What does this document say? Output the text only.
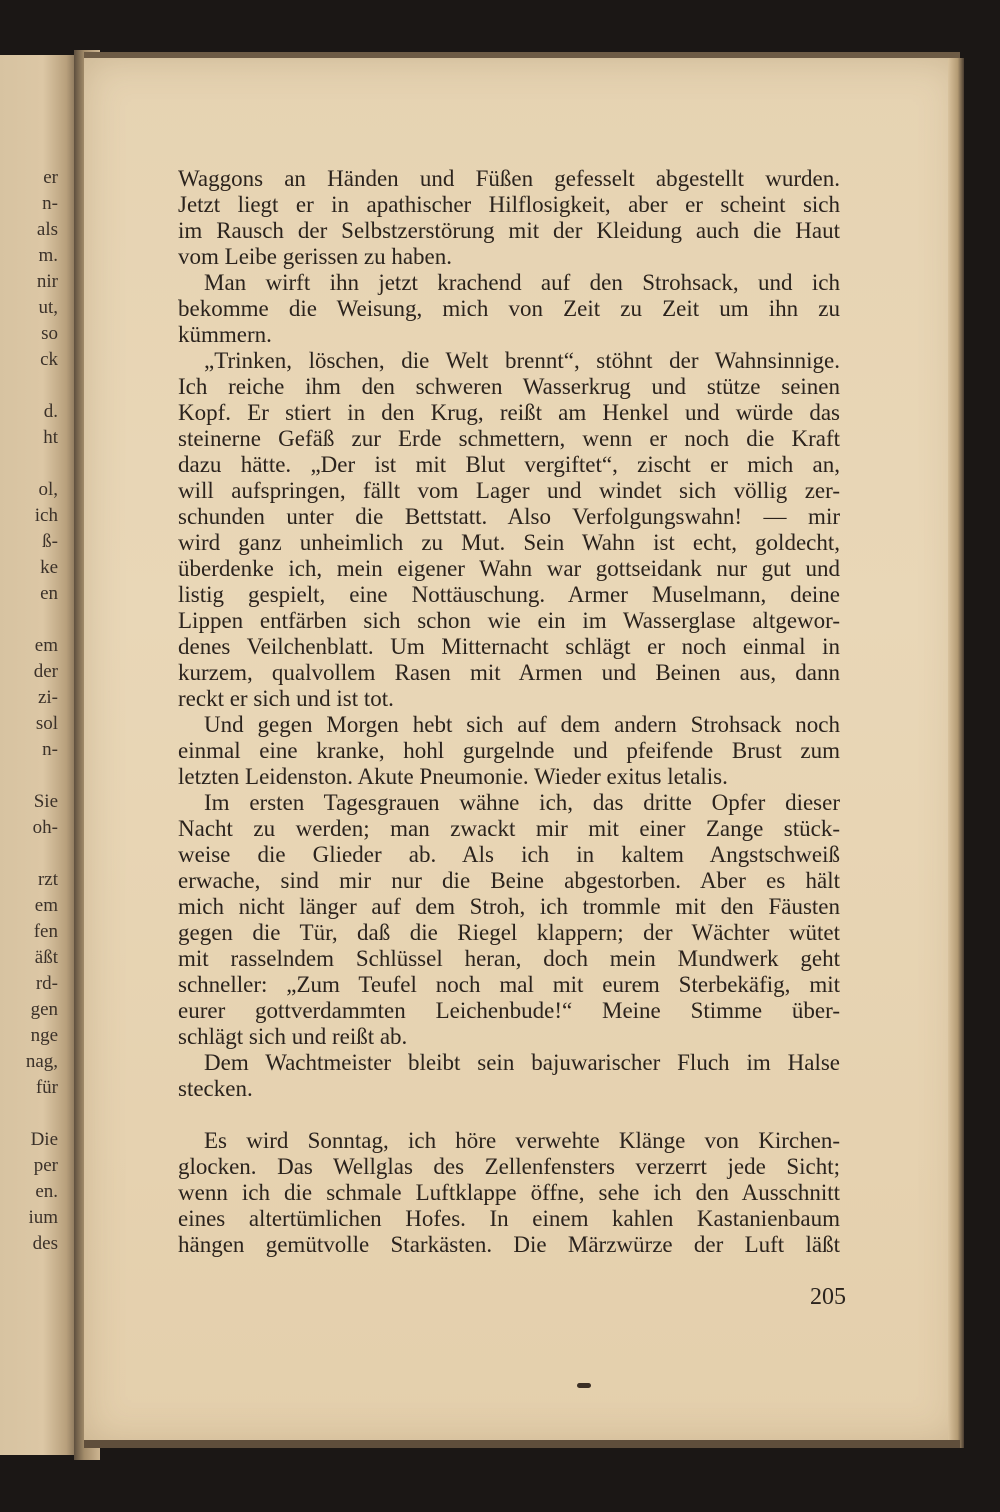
er
n-
als
m.
nir
ut,
so
ck
d.
ht
ol,
ich
ß-
ke
en
em
der
zi-
sol
n-
Sie
oh-
rzt
em
fen
äßt
rd-
gen
nge
nag,
für
Die
per
en.
ium
des
Waggons an Händen und Füßen gefesselt abgestellt wurden.
Jetzt liegt er in apathischer Hilflosigkeit, aber er scheint sich
im Rausch der Selbstzerstörung mit der Kleidung auch die Haut
vom Leibe gerissen zu haben.
Man wirft ihn jetzt krachend auf den Strohsack, und ich
bekomme die Weisung, mich von Zeit zu Zeit um ihn zu
kümmern.
„Trinken, löschen, die Welt brennt“, stöhnt der Wahnsinnige.
Ich reiche ihm den schweren Wasserkrug und stütze seinen
Kopf. Er stiert in den Krug, reißt am Henkel und würde das
steinerne Gefäß zur Erde schmettern, wenn er noch die Kraft
dazu hätte. „Der ist mit Blut vergiftet“, zischt er mich an,
will aufspringen, fällt vom Lager und windet sich völlig zer-
schunden unter die Bettstatt. Also Verfolgungswahn! — mir
wird ganz unheimlich zu Mut. Sein Wahn ist echt, goldecht,
überdenke ich, mein eigener Wahn war gottseidank nur gut und
listig gespielt, eine Nottäuschung. Armer Muselmann, deine
Lippen entfärben sich schon wie ein im Wasserglase altgewor-
denes Veilchenblatt. Um Mitternacht schlägt er noch einmal in
kurzem, qualvollem Rasen mit Armen und Beinen aus, dann
reckt er sich und ist tot.
Und gegen Morgen hebt sich auf dem andern Strohsack noch
einmal eine kranke, hohl gurgelnde und pfeifende Brust zum
letzten Leidenston. Akute Pneumonie. Wieder exitus letalis.
Im ersten Tagesgrauen wähne ich, das dritte Opfer dieser
Nacht zu werden; man zwackt mir mit einer Zange stück-
weise die Glieder ab. Als ich in kaltem Angstschweiß
erwache, sind mir nur die Beine abgestorben. Aber es hält
mich nicht länger auf dem Stroh, ich trommle mit den Fäusten
gegen die Tür, daß die Riegel klappern; der Wächter wütet
mit rasselndem Schlüssel heran, doch mein Mundwerk geht
schneller: „Zum Teufel noch mal mit eurem Sterbekäfig, mit
eurer gottverdammten Leichenbude!“ Meine Stimme über-
schlägt sich und reißt ab.
Dem Wachtmeister bleibt sein bajuwarischer Fluch im Halse
stecken.
Es wird Sonntag, ich höre verwehte Klänge von Kirchen-
glocken. Das Wellglas des Zellenfensters verzerrt jede Sicht;
wenn ich die schmale Luftklappe öffne, sehe ich den Ausschnitt
eines altertümlichen Hofes. In einem kahlen Kastanienbaum
hängen gemütvolle Starkästen. Die Märzwürze der Luft läßt
205
